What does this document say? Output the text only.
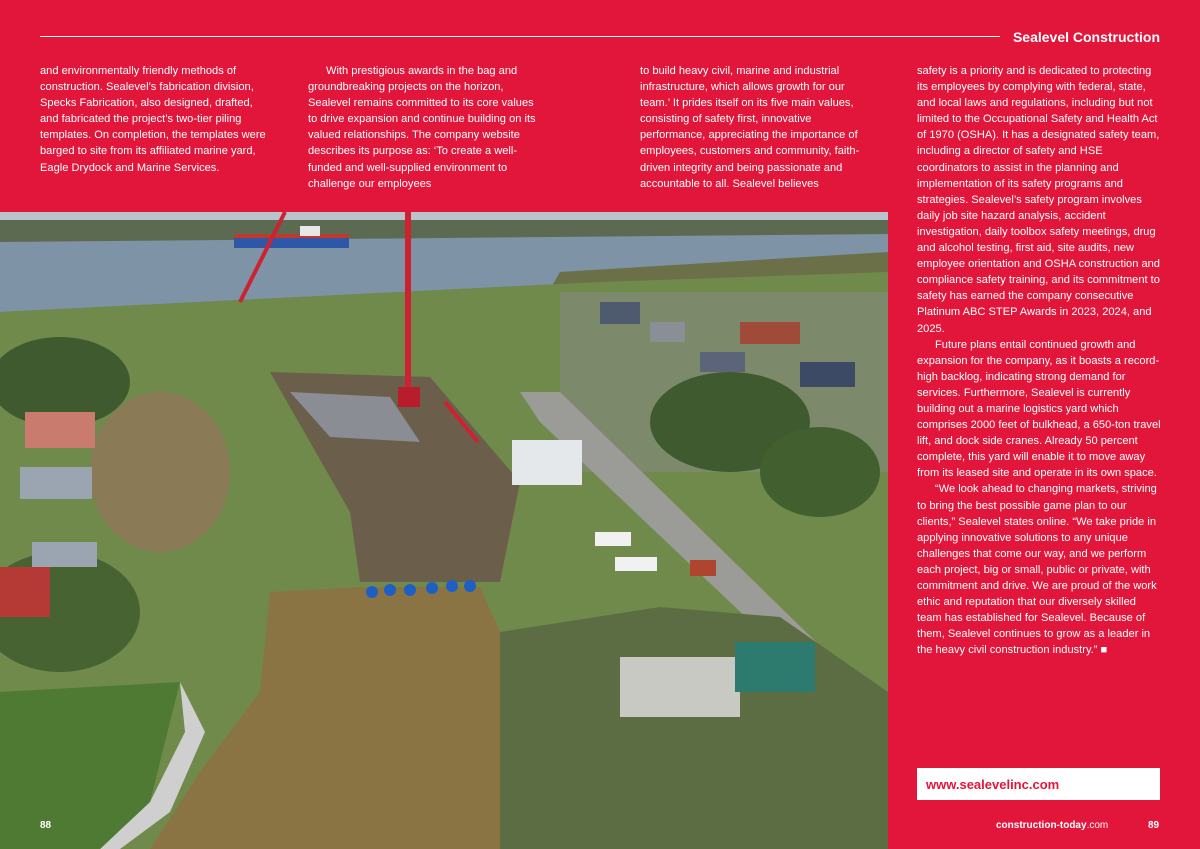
Sealevel Construction

and environmentally friendly methods of construction. Sealevel’s fabrication division, Specks Fabrication, also designed, drafted, and fabricated the project’s two-tier piling templates. On completion, the templates were barged to site from its affiliated marine yard, Eagle Drydock and Marine Services.

With prestigious awards in the bag and groundbreaking projects on the horizon, Sealevel remains committed to its core values to drive expansion and continue building on its valued relationships. The company website describes its purpose as: ‘To create a well-funded and well-supplied environment to challenge our employees

to build heavy civil, marine and industrial infrastructure, which allows growth for our team.’ It prides itself on its five main values, consisting of safety first, innovative performance, appreciating the importance of employees, customers and community, faith-driven integrity and being passionate and accountable to all. Sealevel believes

safety is a priority and is dedicated to protecting its employees by complying with federal, state, and local laws and regulations, including but not limited to the Occupational Safety and Health Act of 1970 (OSHA). It has a designated safety team, including a director of safety and HSE coordinators to assist in the planning and implementation of its safety programs and strategies. Sealevel’s safety program involves daily job site hazard analysis, accident investigation, daily toolbox safety meetings, drug and alcohol testing, first aid, site audits, new employee orientation and OSHA construction and compliance safety training, and its commitment to safety has earned the company consecutive Platinum ABC STEP Awards in 2023, 2024, and 2025.

Future plans entail continued growth and expansion for the company, as it boasts a record-high backlog, indicating strong demand for services. Furthermore, Sealevel is currently building out a marine logistics yard which comprises 2000 feet of bulkhead, a 650-ton travel lift, and dock side cranes. Already 50 percent complete, this yard will enable it to move away from its leased site and operate in its own space.

“We look ahead to changing markets, striving to bring the best possible game plan to our clients,” Sealevel states online. “We take pride in applying innovative solutions to any unique challenges that come our way, and we perform each project, big or small, public or private, with commitment and drive. We are proud of the work ethic and reputation that our diversely skilled team has established for Sealevel. Because of them, Sealevel continues to grow as a leader in the heavy civil construction industry.” ■

www.sealevelinc.com
88	construction-today.com	89
